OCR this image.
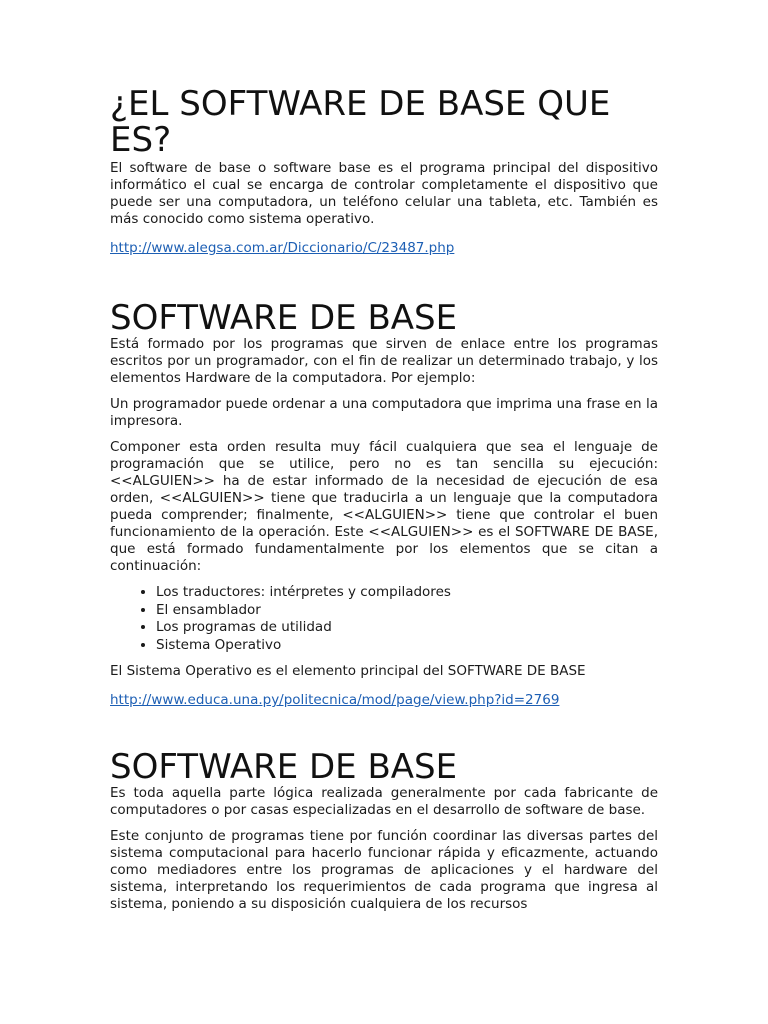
¿EL SOFTWARE DE BASE QUE ES?

El software de base o software base es el programa principal del dispositivo informático el cual se encarga de controlar completamente el dispositivo que puede ser una computadora, un teléfono celular una tableta, etc. También es más conocido como sistema operativo.

http://www.alegsa.com.ar/Diccionario/C/23487.php
SOFTWARE DE BASE

Está formado por los programas que sirven de enlace entre los programas escritos por un programador, con el fin de realizar un determinado trabajo, y los elementos Hardware de la computadora. Por ejemplo:

Un programador puede ordenar a una computadora que imprima una frase en la impresora.

Componer esta orden resulta muy fácil cualquiera que sea el lenguaje de programación que se utilice, pero no es tan sencilla su ejecución: <<ALGUIEN>> ha de estar informado de la necesidad de ejecución de esa orden, <<ALGUIEN>> tiene que traducirla a un lenguaje que la computadora pueda comprender; finalmente, <<ALGUIEN>> tiene que controlar el buen funcionamiento de la operación. Este <<ALGUIEN>> es el SOFTWARE DE BASE, que está formado fundamentalmente por los elementos que se citan a continuación:

• Los traductores: intérpretes y compiladores
• El ensamblador
• Los programas de utilidad
• Sistema Operativo

El Sistema Operativo es el elemento principal del SOFTWARE DE BASE

http://www.educa.una.py/politecnica/mod/page/view.php?id=2769
SOFTWARE DE BASE

Es toda aquella parte lógica realizada generalmente por cada fabricante de computadores o por casas especializadas en el desarrollo de software de base.

Este conjunto de programas tiene por función coordinar las diversas partes del sistema computacional para hacerlo funcionar rápida y eficazmente, actuando como mediadores entre los programas de aplicaciones y el hardware del sistema, interpretando los requerimientos de cada programa que ingresa al sistema, poniendo a su disposición cualquiera de los recursos
